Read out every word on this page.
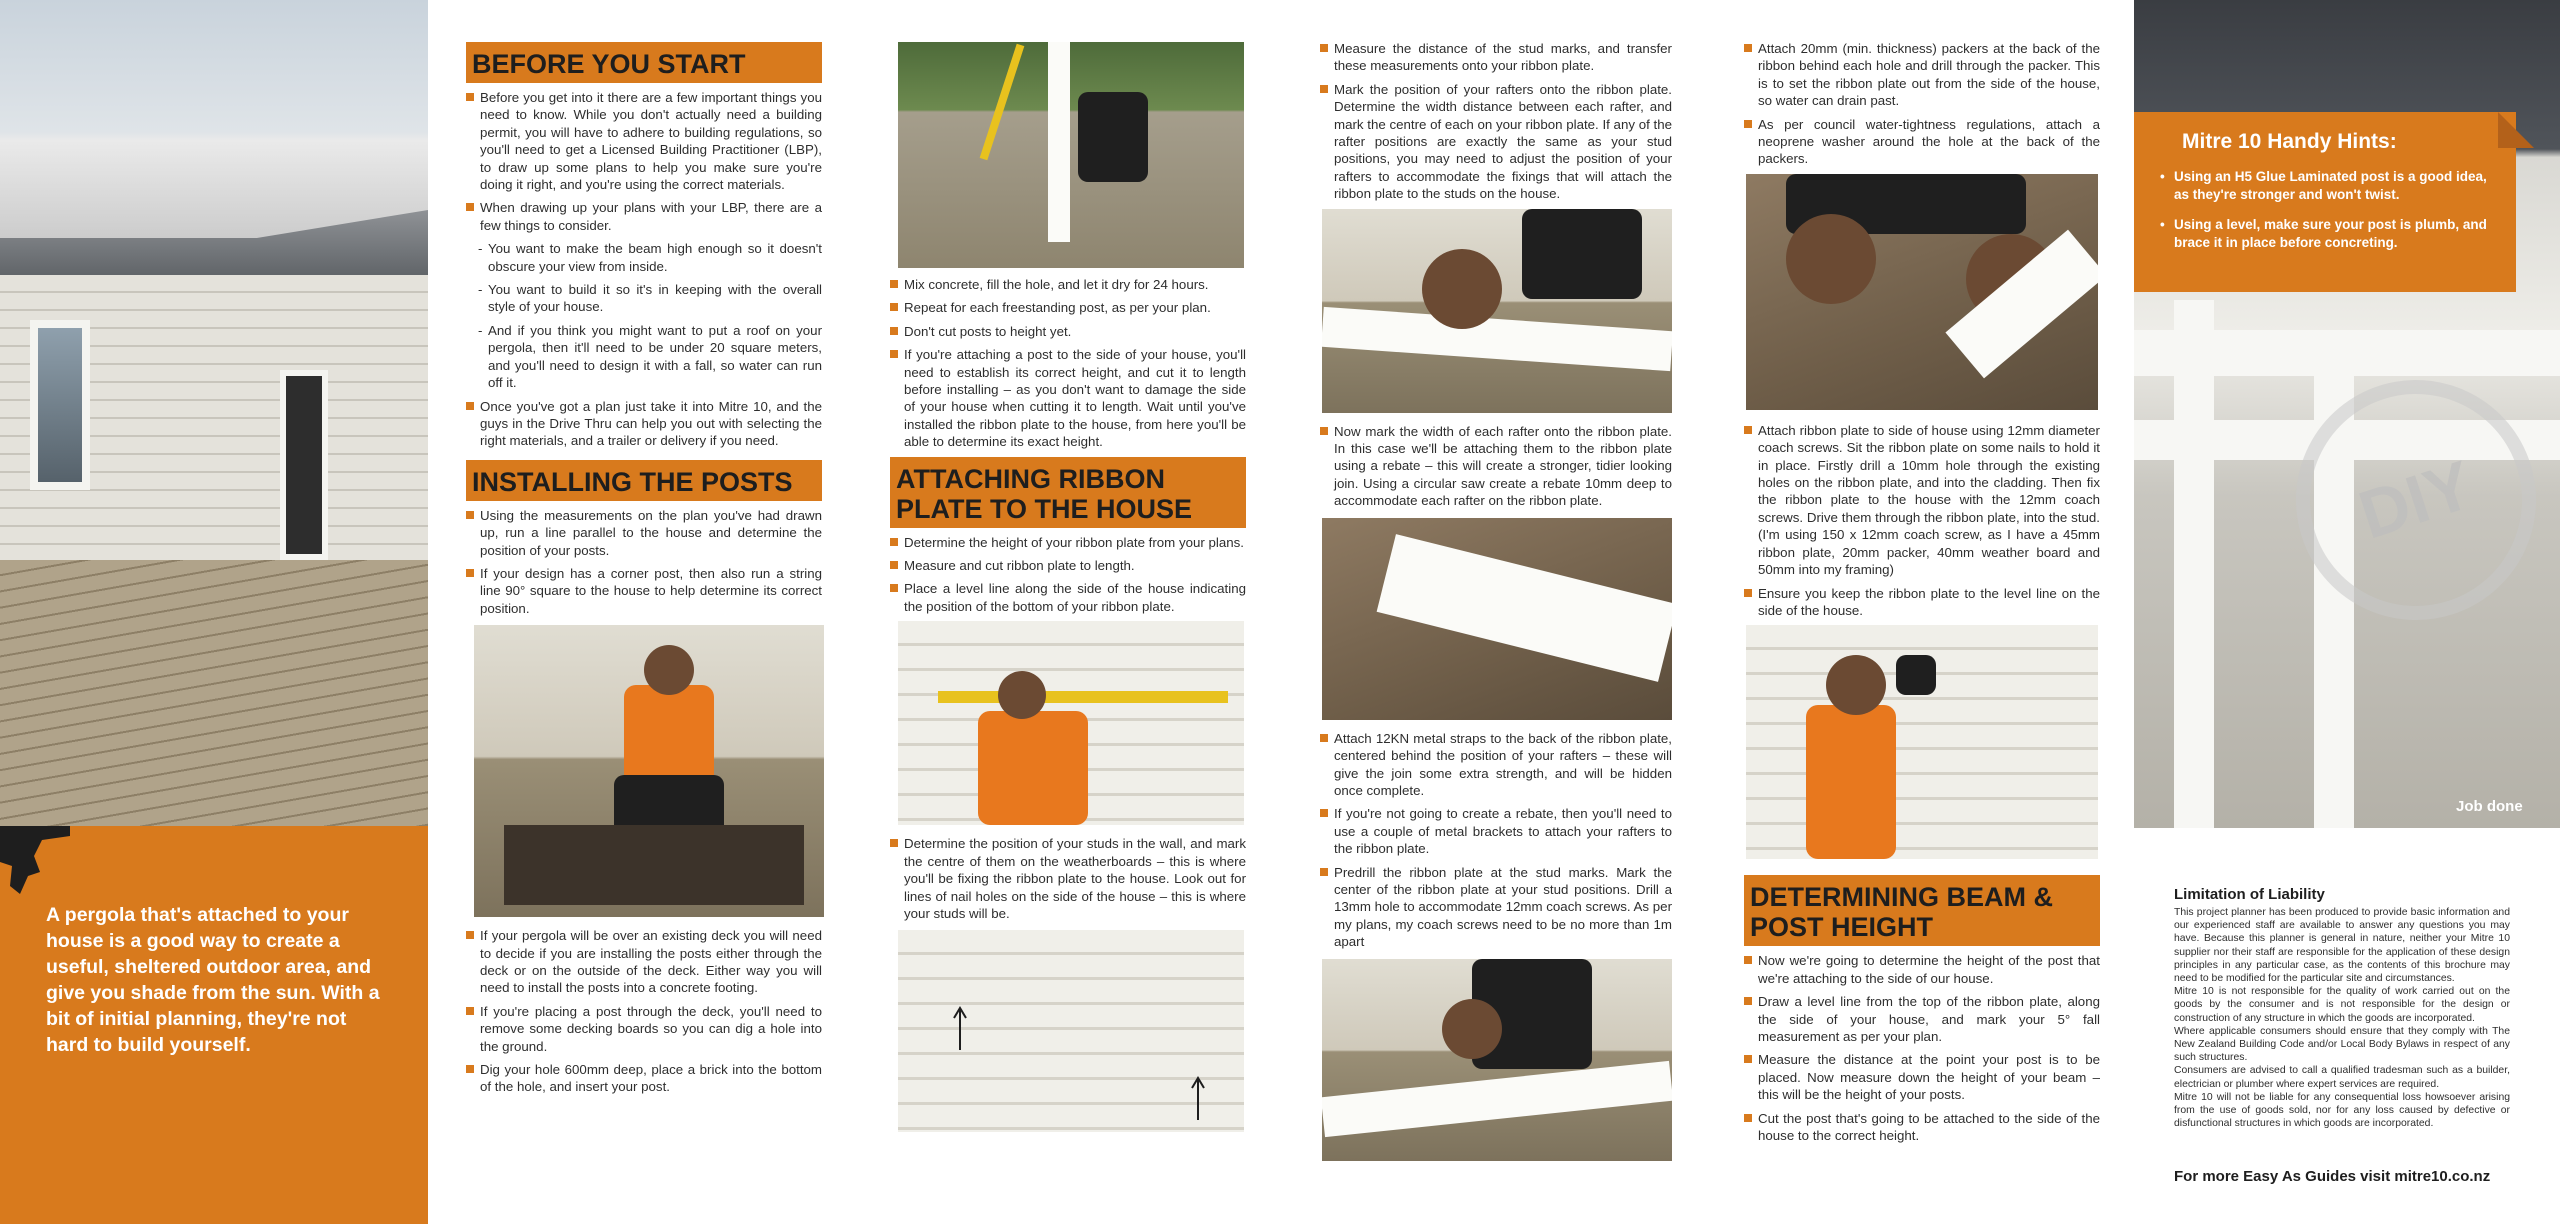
A pergola that's attached to your house is a good way to create a useful, sheltered outdoor area, and give you shade from the sun. With a bit of initial planning, they're not hard to build yourself.

BEFORE YOU START
Before you get into it there are a few important things you need to know. While you don't actually need a building permit, you will have to adhere to building regulations, so you'll need to get a Licensed Building Practitioner (LBP), to draw up some plans to help you make sure you're doing it right, and you're using the correct materials.
When drawing up your plans with your LBP, there are a few things to consider.
- You want to make the beam high enough so it doesn't obscure your view from inside.
- You want to build it so it's in keeping with the overall style of your house.
- And if you think you might want to put a roof on your pergola, then it'll need to be under 20 square meters, and you'll need to design it with a fall, so water can run off it.
Once you've got a plan just take it into Mitre 10, and the guys in the Drive Thru can help you out with selecting the right materials, and a trailer or delivery if you need.
INSTALLING THE POSTS
Using the measurements on the plan you've had drawn up, run a line parallel to the house and determine the position of your posts.
If your design has a corner post, then also run a string line 90° square to the house to help determine its correct position.
If your pergola will be over an existing deck you will need to decide if you are installing the posts either through the deck or on the outside of the deck. Either way you will need to install the posts into a concrete footing.
If you're placing a post through the deck, you'll need to remove some decking boards so you can dig a hole into the ground.
Dig your hole 600mm deep, place a brick into the bottom of the hole, and insert your post.
Mix concrete, fill the hole, and let it dry for 24 hours.
Repeat for each freestanding post, as per your plan.
Don't cut posts to height yet.
If you're attaching a post to the side of your house, you'll need to establish its correct height, and cut it to length before installing – as you don't want to damage the side of your house when cutting it to length. Wait until you've installed the ribbon plate to the house, from here you'll be able to determine its exact height.
ATTACHING RIBBON PLATE TO THE HOUSE
Determine the height of your ribbon plate from your plans.
Measure and cut ribbon plate to length.
Place a level line along the side of the house indicating the position of the bottom of your ribbon plate.
Determine the position of your studs in the wall, and mark the centre of them on the weatherboards – this is where you'll be fixing the ribbon plate to the house. Look out for lines of nail holes on the side of the house – this is where your studs will be.
Measure the distance of the stud marks, and transfer these measurements onto your ribbon plate.
Mark the position of your rafters onto the ribbon plate. Determine the width distance between each rafter, and mark the centre of each on your ribbon plate. If any of the rafter positions are exactly the same as your stud positions, you may need to adjust the position of your rafters to accommodate the fixings that will attach the ribbon plate to the studs on the house.
Now mark the width of each rafter onto the ribbon plate. In this case we'll be attaching them to the ribbon plate using a rebate – this will create a stronger, tidier looking join. Using a circular saw create a rebate 10mm deep to accommodate each rafter on the ribbon plate.
Attach 12KN metal straps to the back of the ribbon plate, centered behind the position of your rafters – these will give the join some extra strength, and will be hidden once complete.
If you're not going to create a rebate, then you'll need to use a couple of metal brackets to attach your rafters to the ribbon plate.
Predrill the ribbon plate at the stud marks. Mark the center of the ribbon plate at your stud positions. Drill a 13mm hole to accommodate 12mm coach screws. As per my plans, my coach screws need to be no more than 1m apart
Attach 20mm (min. thickness) packers at the back of the ribbon behind each hole and drill through the packer. This is to set the ribbon plate out from the side of the house, so water can drain past.
As per council water-tightness regulations, attach a neoprene washer around the hole at the back of the packers.
Attach ribbon plate to side of house using 12mm diameter coach screws. Sit the ribbon plate on some nails to hold it in place. Firstly drill a 10mm hole through the existing holes on the ribbon plate, and into the cladding. Then fix the ribbon plate to the house with the 12mm coach screws. Drive them through the ribbon plate, into the stud. (I'm using 150 x 12mm coach screw, as I have a 45mm ribbon plate, 20mm packer, 40mm weather board and 50mm into my framing)
Ensure you keep the ribbon plate to the level line on the side of the house.
DETERMINING BEAM & POST HEIGHT
Now we're going to determine the height of the post that we're attaching to the side of our house.
Draw a level line from the top of the ribbon plate, along the side of your house, and mark your 5° fall measurement as per your plan.
Measure the distance at the point your post is to be placed. Now measure down the height of your beam – this will be the height of your posts.
Cut the post that's going to be attached to the side of the house to the correct height.
DIY
Mitre 10 Handy Hints:
• Using an H5 Glue Laminated post is a good idea, as they're stronger and won't twist.
• Using a level, make sure your post is plumb, and brace it in place before concreting.
Job done
Limitation of Liability

This project planner has been produced to provide basic information and our experienced staff are available to answer any questions you may have. Because this planner is general in nature, neither your Mitre 10 supplier nor their staff are responsible for the application of these design principles in any particular case, as the contents of this brochure may need to be modified for the particular site and circumstances.

Mitre 10 is not responsible for the quality of work carried out on the goods by the consumer and is not responsible for the design or construction of any structure in which the goods are incorporated.

Where applicable consumers should ensure that they comply with The New Zealand Building Code and/or Local Body Bylaws in respect of any such structures.

Consumers are advised to call a qualified tradesman such as a builder, electrician or plumber where expert services are required.

Mitre 10 will not be liable for any consequential loss howsoever arising from the use of goods sold, nor for any loss caused by defective or disfunctional structures in which goods are incorporated.

For more Easy As Guides visit mitre10.co.nz
